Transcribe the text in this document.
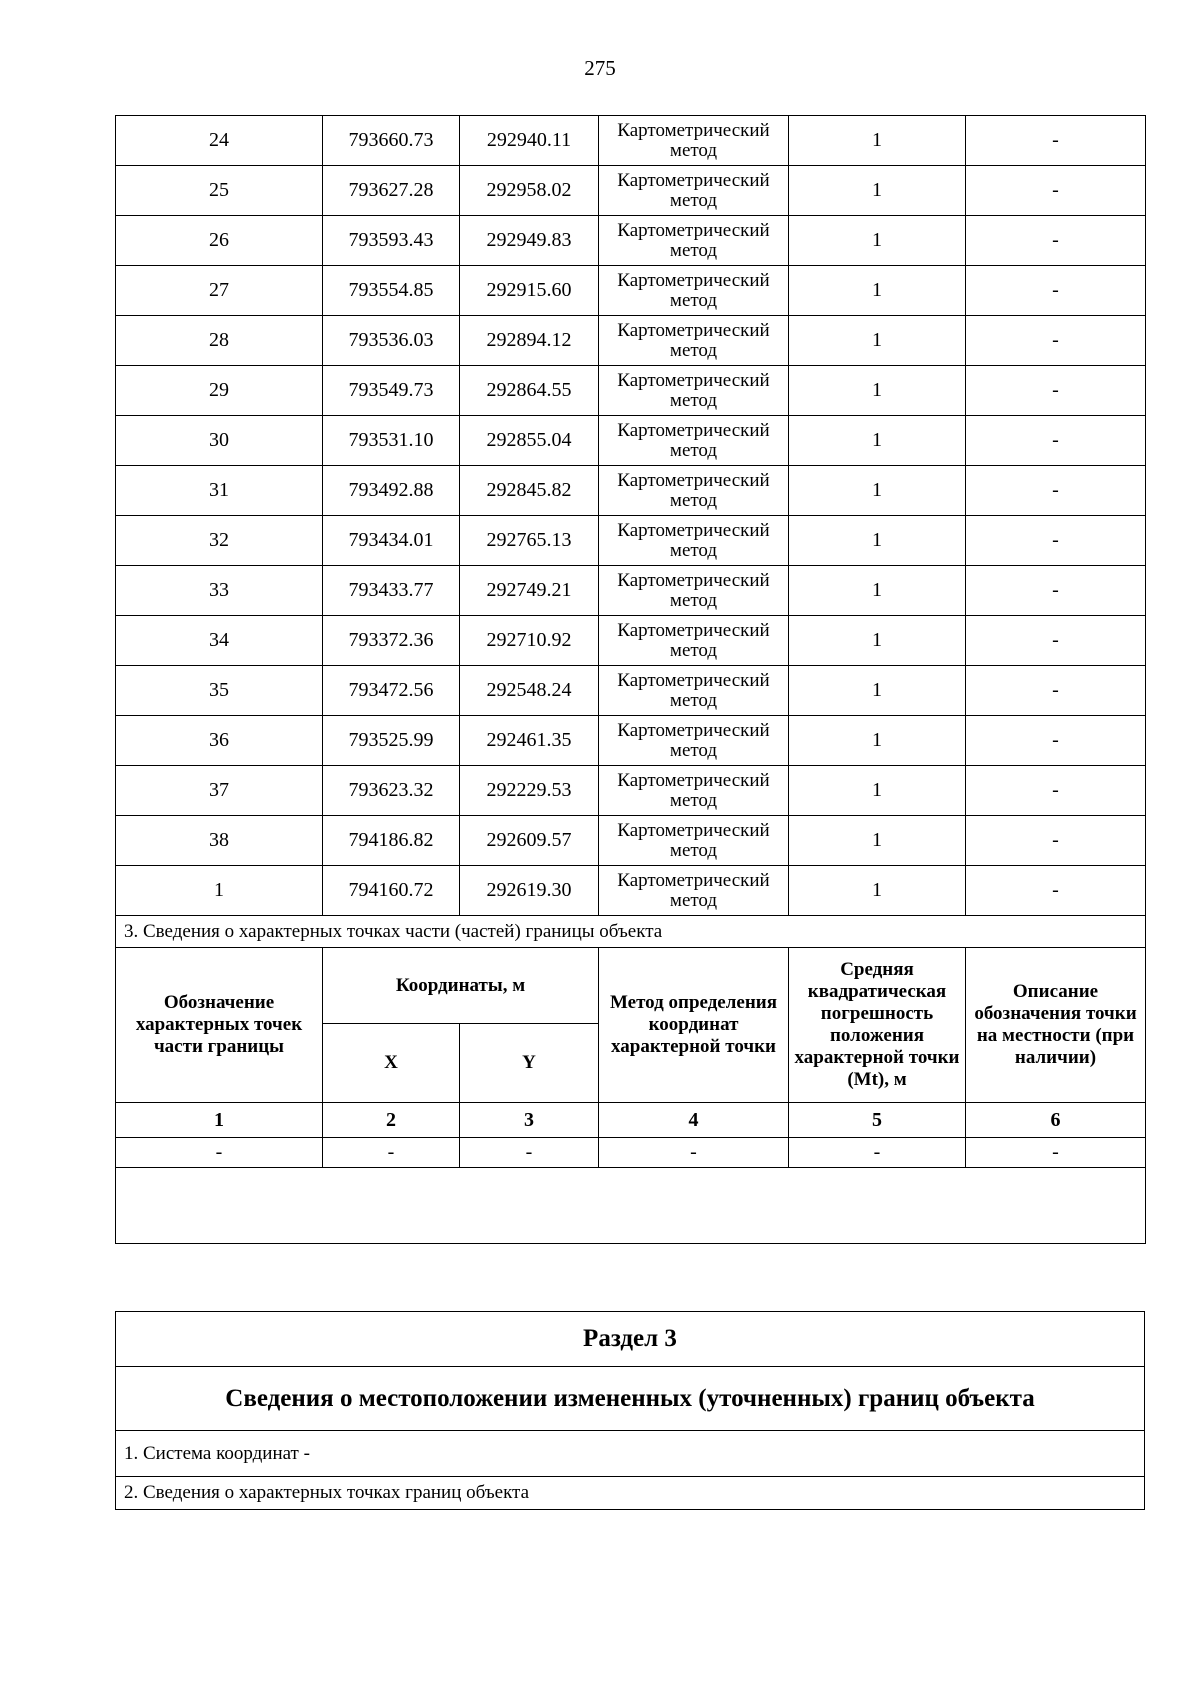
275
24	793660.73	292940.11	Картометрический метод	1	-
25	793627.28	292958.02	Картометрический метод	1	-
26	793593.43	292949.83	Картометрический метод	1	-
27	793554.85	292915.60	Картометрический метод	1	-
28	793536.03	292894.12	Картометрический метод	1	-
29	793549.73	292864.55	Картометрический метод	1	-
30	793531.10	292855.04	Картометрический метод	1	-
31	793492.88	292845.82	Картометрический метод	1	-
32	793434.01	292765.13	Картометрический метод	1	-
33	793433.77	292749.21	Картометрический метод	1	-
34	793372.36	292710.92	Картометрический метод	1	-
35	793472.56	292548.24	Картометрический метод	1	-
36	793525.99	292461.35	Картометрический метод	1	-
37	793623.32	292229.53	Картометрический метод	1	-
38	794186.82	292609.57	Картометрический метод	1	-
1	794160.72	292619.30	Картометрический метод	1	-
3. Сведения о характерных точках части (частей) границы объекта					
Обозначение характерных точек части границы	Координаты, м		Метод определения координат характерной точки	Средняя квадратическая погрешность положения характерной точки (Mt), м	Описание обозначения точки на местности (при наличии)
	X	Y			
1	2	3	4	5	6
-	-	-	-	-	-

Раздел 3
Сведения о местоположении измененных (уточненных) границ объекта
1. Система координат -
2. Сведения о характерных точках границ объекта
